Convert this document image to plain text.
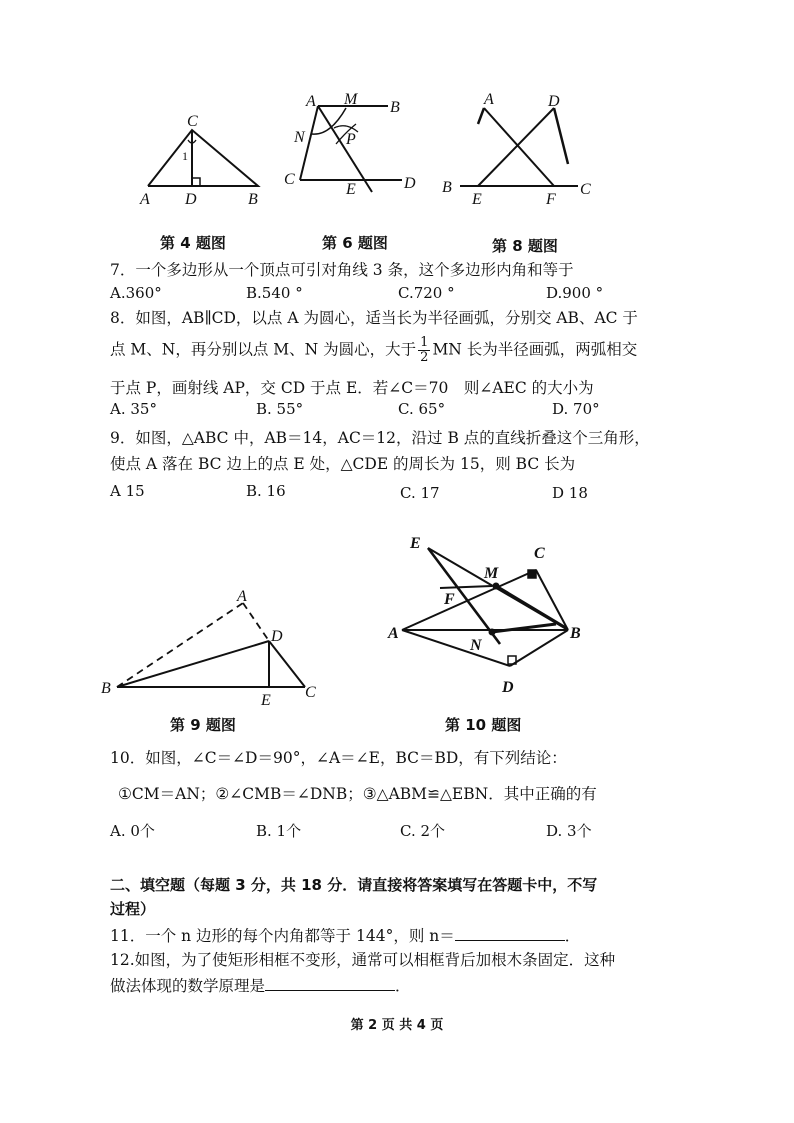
C
1
A D	B
第 4 题图
A M B
N	P
C
E	D
第 6 题图
A	D
B
E	F
C
第 8 题图
7．一个多边形从一个顶点可引对角线 3 条，这个多边形内角和等于
A.360°	B.540 °	C.720 °	D.900 °
8．如图，AB∥CD，以点 A 为圆心，适当长为半径画弧，分别交 AB、AC 于
点 M、N，再分别以点 M、N 为圆心，大于 $\frac{1}{2}$ MN 长为半径画弧，两弧相交
于点 P，画射线 AP，交 CD 于点 E．若∠C＝70　则∠AEC 的大小为
A. 35°	B. 55°	C. 65°	D. 70°
9．如图，△ABC 中，AB＝14，AC＝12，沿过 B 点的直线折叠这个三角形，
使点 A 落在 BC 边上的点 E 处，△CDE 的周长为 15，则 BC 长为
A 15	B. 16	C. 17	D 18
A
D
B
E C
第 9 题图
E
C
M
F
A
N
B
D
第 10 题图
10．如图，∠C＝∠D＝90°，∠A＝∠E，BC＝BD，有下列结论：
①CM＝AN；②∠CMB＝∠DNB；③△ABM≌△EBN．其中正确的有
A. 0个	B. 1个	C. 2个	D. 3个
二、填空题（每题 3 分，共 18 分．请直接将答案填写在答题卡中，不写
过程）
11．一个 n 边形的每个内角都等于 144°，则 n＝	．
12.如图，为了使矩形相框不变形，通常可以相框背后加根木条固定．这种
做法体现的数学原理是	．
第 2 页 共 4 页
